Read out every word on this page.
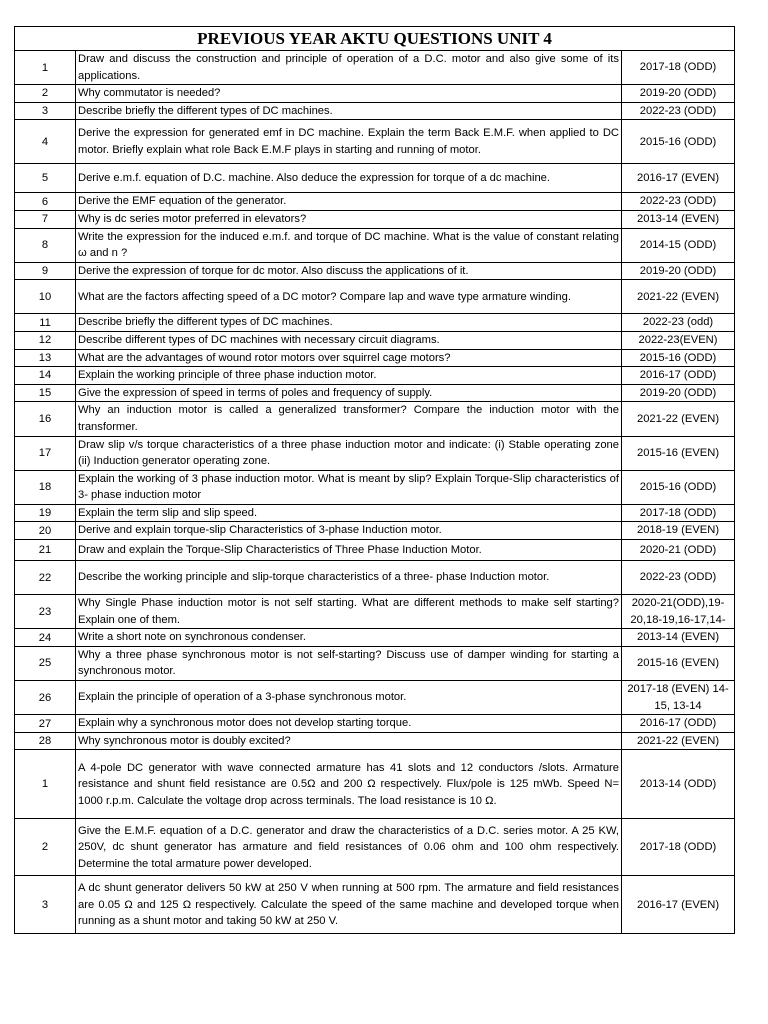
PREVIOUS YEAR AKTU QUESTIONS UNIT 4		
1	Draw and discuss the construction and principle of operation of a D.C. motor and also give some of its applications.	2017-18 (ODD)
2	Why commutator is needed?	2019-20 (ODD)
3	Describe briefly the different types of DC machines.	2022-23 (ODD)
4	Derive the expression for generated emf in DC machine. Explain the term Back E.M.F. when applied to DC motor. Briefly explain what role Back E.M.F plays in starting and running of motor.	2015-16 (ODD)
5	Derive e.m.f. equation of D.C. machine. Also deduce the expression for torque of a dc machine.	2016-17 (EVEN)
6	Derive the EMF equation of the generator.	2022-23 (ODD)
7	Why is dc series motor preferred in elevators?	2013-14 (EVEN)
8	Write the expression for the induced e.m.f. and torque of DC machine. What is the value of constant relating ω and n ?	2014-15 (ODD)
9	Derive the expression of torque for dc motor. Also discuss the applications of it.	2019-20 (ODD)
10	What are the factors affecting speed of a DC motor? Compare lap and wave type armature winding.	2021-22 (EVEN)
11	Describe briefly the different types of DC machines.	2022-23 (odd)
12	Describe different types of DC machines with necessary circuit diagrams.	2022-23(EVEN)
13	What are the advantages of wound rotor motors over squirrel cage motors?	2015-16 (ODD)
14	Explain the working principle of three phase induction motor.	2016-17 (ODD)
15	Give the expression of speed in terms of poles and frequency of supply.	2019-20 (ODD)
16	Why an induction motor is called a generalized transformer? Compare the induction motor with the transformer.	2021-22 (EVEN)
17	Draw slip v/s torque characteristics of a three phase induction motor and indicate: (i) Stable operating zone (ii) Induction generator operating zone.	2015-16 (EVEN)
18	Explain the working of 3 phase induction motor. What is meant by slip? Explain Torque-Slip characteristics of 3- phase induction motor	2015-16 (ODD)
19	Explain the term slip and slip speed.	2017-18 (ODD)
20	Derive and explain torque-slip Characteristics of 3-phase Induction motor.	2018-19 (EVEN)
21	Draw and explain the Torque-Slip Characteristics of Three Phase Induction Motor.	2020-21 (ODD)
22	Describe the working principle and slip-torque characteristics of a three- phase Induction motor.	2022-23 (ODD)
23	Why Single Phase induction motor is not self starting. What are different methods to make self starting? Explain one of them.	2020-21(ODD),19-20,18-19,16-17,14-
24	Write a short note on synchronous condenser.	2013-14 (EVEN)
25	Why a three phase synchronous motor is not self-starting? Discuss use of damper winding for starting a synchronous motor.	2015-16 (EVEN)
26	Explain the principle of operation of a 3-phase synchronous motor.	2017-18 (EVEN) 14-15, 13-14
27	Explain why a synchronous motor does not develop starting torque.	2016-17 (ODD)
28	Why synchronous motor is doubly excited?	2021-22 (EVEN)
1	A 4-pole DC generator with wave connected armature has 41 slots and 12 conductors /slots. Armature resistance and shunt field resistance are 0.5Ω and 200 Ω respectively. Flux/pole is 125 mWb. Speed N= 1000 r.p.m. Calculate the voltage drop across terminals. The load resistance is 10 Ω.	2013-14 (ODD)
2	Give the E.M.F. equation of a D.C. generator and draw the characteristics of a D.C. series motor. A 25 KW, 250V, dc shunt generator has armature and field resistances of 0.06 ohm and 100 ohm respectively. Determine the total armature power developed.	2017-18 (ODD)
3	A dc shunt generator delivers 50 kW at 250 V when running at 500 rpm. The armature and field resistances are 0.05 Ω and 125 Ω respectively. Calculate the speed of the same machine and developed torque when running as a shunt motor and taking 50 kW at 250 V.	2016-17 (EVEN)
